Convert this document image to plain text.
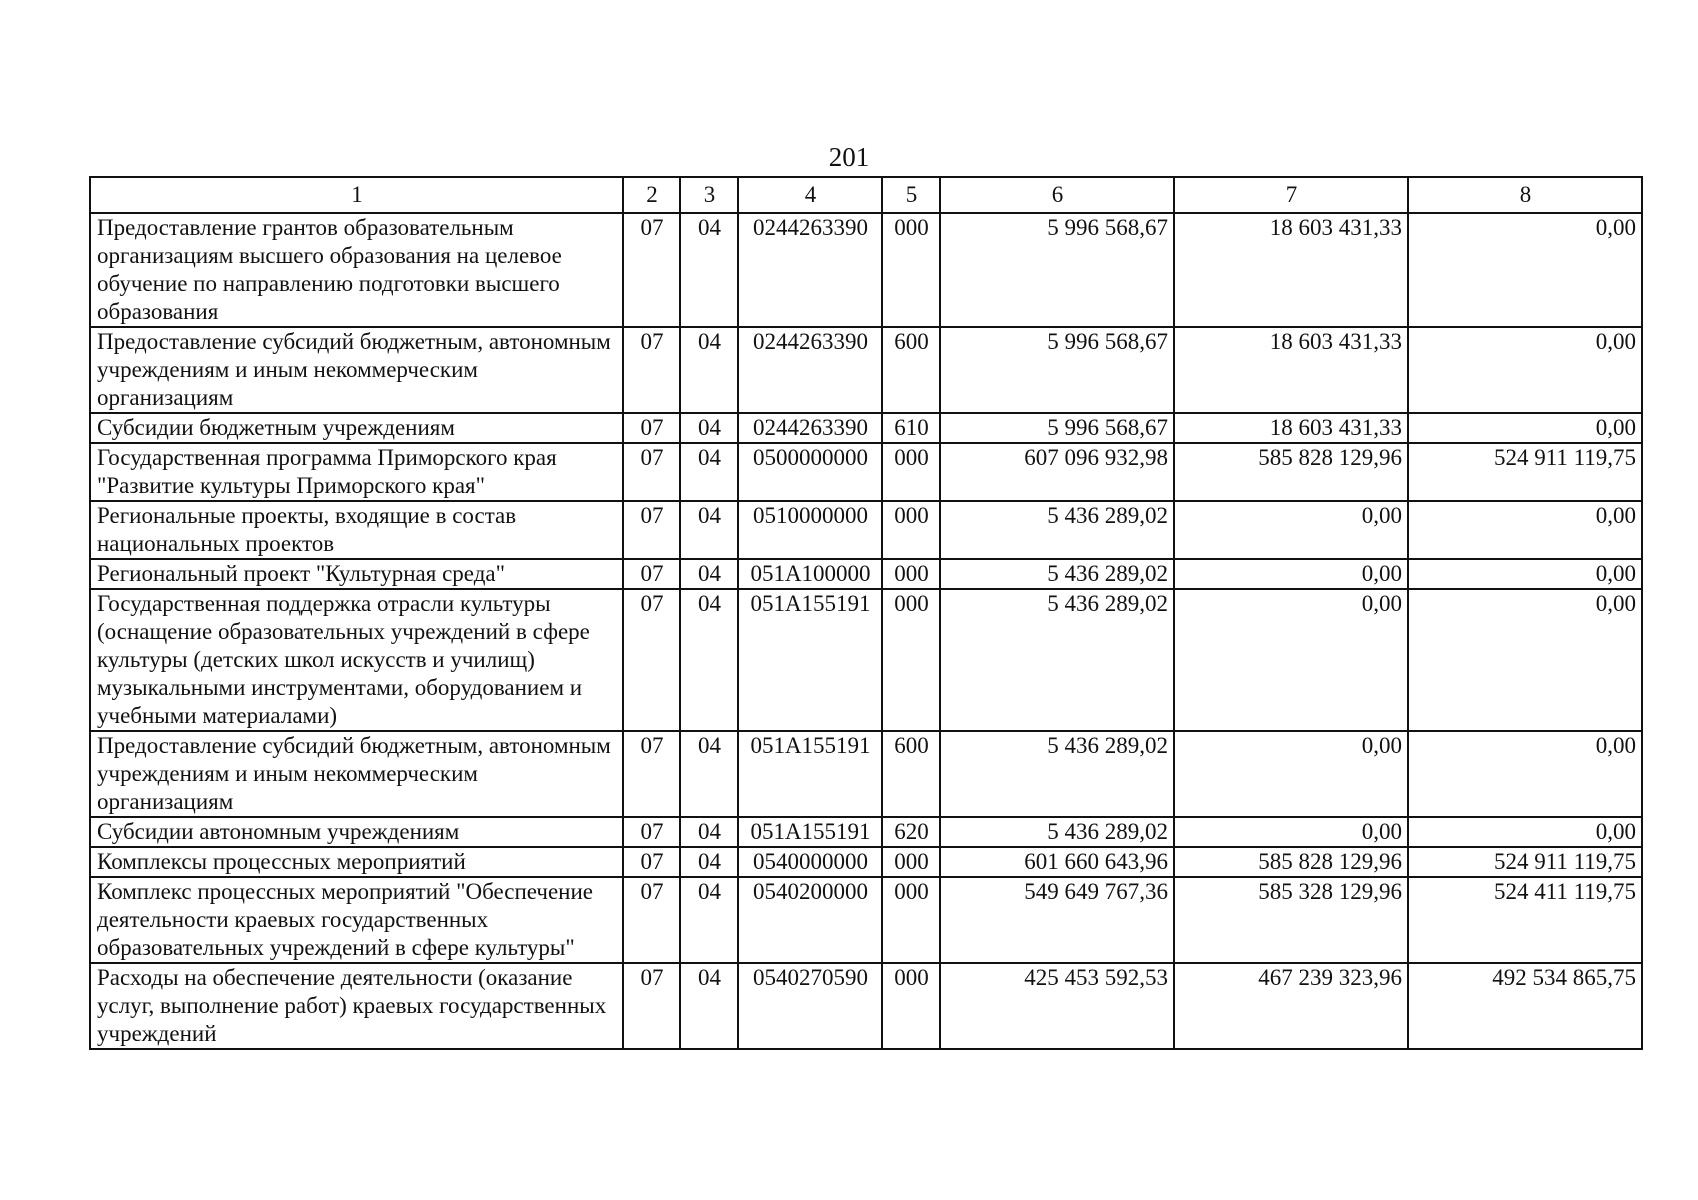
201
1	2	3	4	5	6	7	8
Предоставление грантов образовательным организациям высшего образования на целевое обучение по направлению подготовки высшего образования	07	04	0244263390	000	5 996 568,67	18 603 431,33	0,00
Предоставление субсидий бюджетным, автономным учреждениям и иным некоммерческим организациям	07	04	0244263390	600	5 996 568,67	18 603 431,33	0,00
Субсидии бюджетным учреждениям	07	04	0244263390	610	5 996 568,67	18 603 431,33	0,00
Государственная программа Приморского края "Развитие культуры Приморского края"	07	04	0500000000	000	607 096 932,98	585 828 129,96	524 911 119,75
Региональные проекты, входящие в состав национальных проектов	07	04	0510000000	000	5 436 289,02	0,00	0,00
Региональный проект "Культурная среда"	07	04	051А100000	000	5 436 289,02	0,00	0,00
Государственная поддержка отрасли культуры (оснащение образовательных учреждений в сфере культуры (детских школ искусств и училищ) музыкальными инструментами, оборудованием и учебными материалами)	07	04	051А155191	000	5 436 289,02	0,00	0,00
Предоставление субсидий бюджетным, автономным учреждениям и иным некоммерческим организациям	07	04	051А155191	600	5 436 289,02	0,00	0,00
Субсидии автономным учреждениям	07	04	051А155191	620	5 436 289,02	0,00	0,00
Комплексы процессных мероприятий	07	04	0540000000	000	601 660 643,96	585 828 129,96	524 911 119,75
Комплекс процессных мероприятий "Обеспечение деятельности краевых государственных образовательных учреждений в сфере культуры"	07	04	0540200000	000	549 649 767,36	585 328 129,96	524 411 119,75
Расходы на обеспечение деятельности (оказание услуг, выполнение работ) краевых государственных учреждений	07	04	0540270590	000	425 453 592,53	467 239 323,96	492 534 865,75
